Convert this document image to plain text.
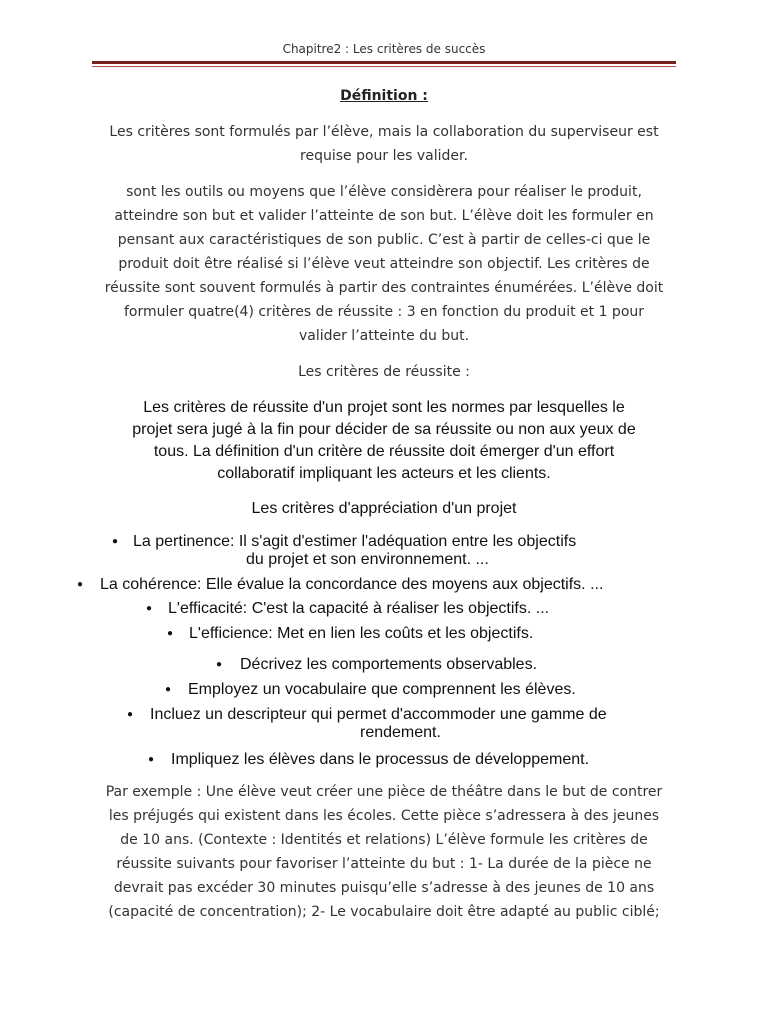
Chapitre2 : Les critères de succès
Définition :
Les critères sont formulés par l’élève, mais la collaboration du superviseur est
requise pour les valider.
sont les outils ou moyens que l’élève considèrera pour réaliser le produit,
atteindre son but et valider l’atteinte de son but. L’élève doit les formuler en
pensant aux caractéristiques de son public. C’est à partir de celles-ci que le
produit doit être réalisé si l’élève veut atteindre son objectif. Les critères de
réussite sont souvent formulés à partir des contraintes énumérées. L’élève doit
formuler quatre(4) critères de réussite : 3 en fonction du produit et 1 pour
valider l’atteinte du but.
Les critères de réussite :
Les critères de réussite d'un projet sont les normes par lesquelles le
projet sera jugé à la fin pour décider de sa réussite ou non aux yeux de
tous. La définition d'un critère de réussite doit émerger d'un effort
collaboratif impliquant les acteurs et les clients.
Les critères d'appréciation d'un projet
● La pertinence: Il s'agit d'estimer l'adéquation entre les objectifs
du projet et son environnement. ...
● La cohérence: Elle évalue la concordance des moyens aux objectifs. ...
● L'efficacité: C'est la capacité à réaliser les objectifs. ...
● L'efficience: Met en lien les coûts et les objectifs.
● Décrivez les comportements observables.
● Employez un vocabulaire que comprennent les élèves.
● Incluez un descripteur qui permet d'accommoder une gamme de
rendement.
● Impliquez les élèves dans le processus de développement.
Par exemple : Une élève veut créer une pièce de théâtre dans le but de contrer
les préjugés qui existent dans les écoles. Cette pièce s’adressera à des jeunes
de 10 ans. (Contexte : Identités et relations) L’élève formule les critères de
réussite suivants pour favoriser l’atteinte du but : 1- La durée de la pièce ne
devrait pas excéder 30 minutes puisqu’elle s’adresse à des jeunes de 10 ans
(capacité de concentration); 2- Le vocabulaire doit être adapté au public ciblé;
